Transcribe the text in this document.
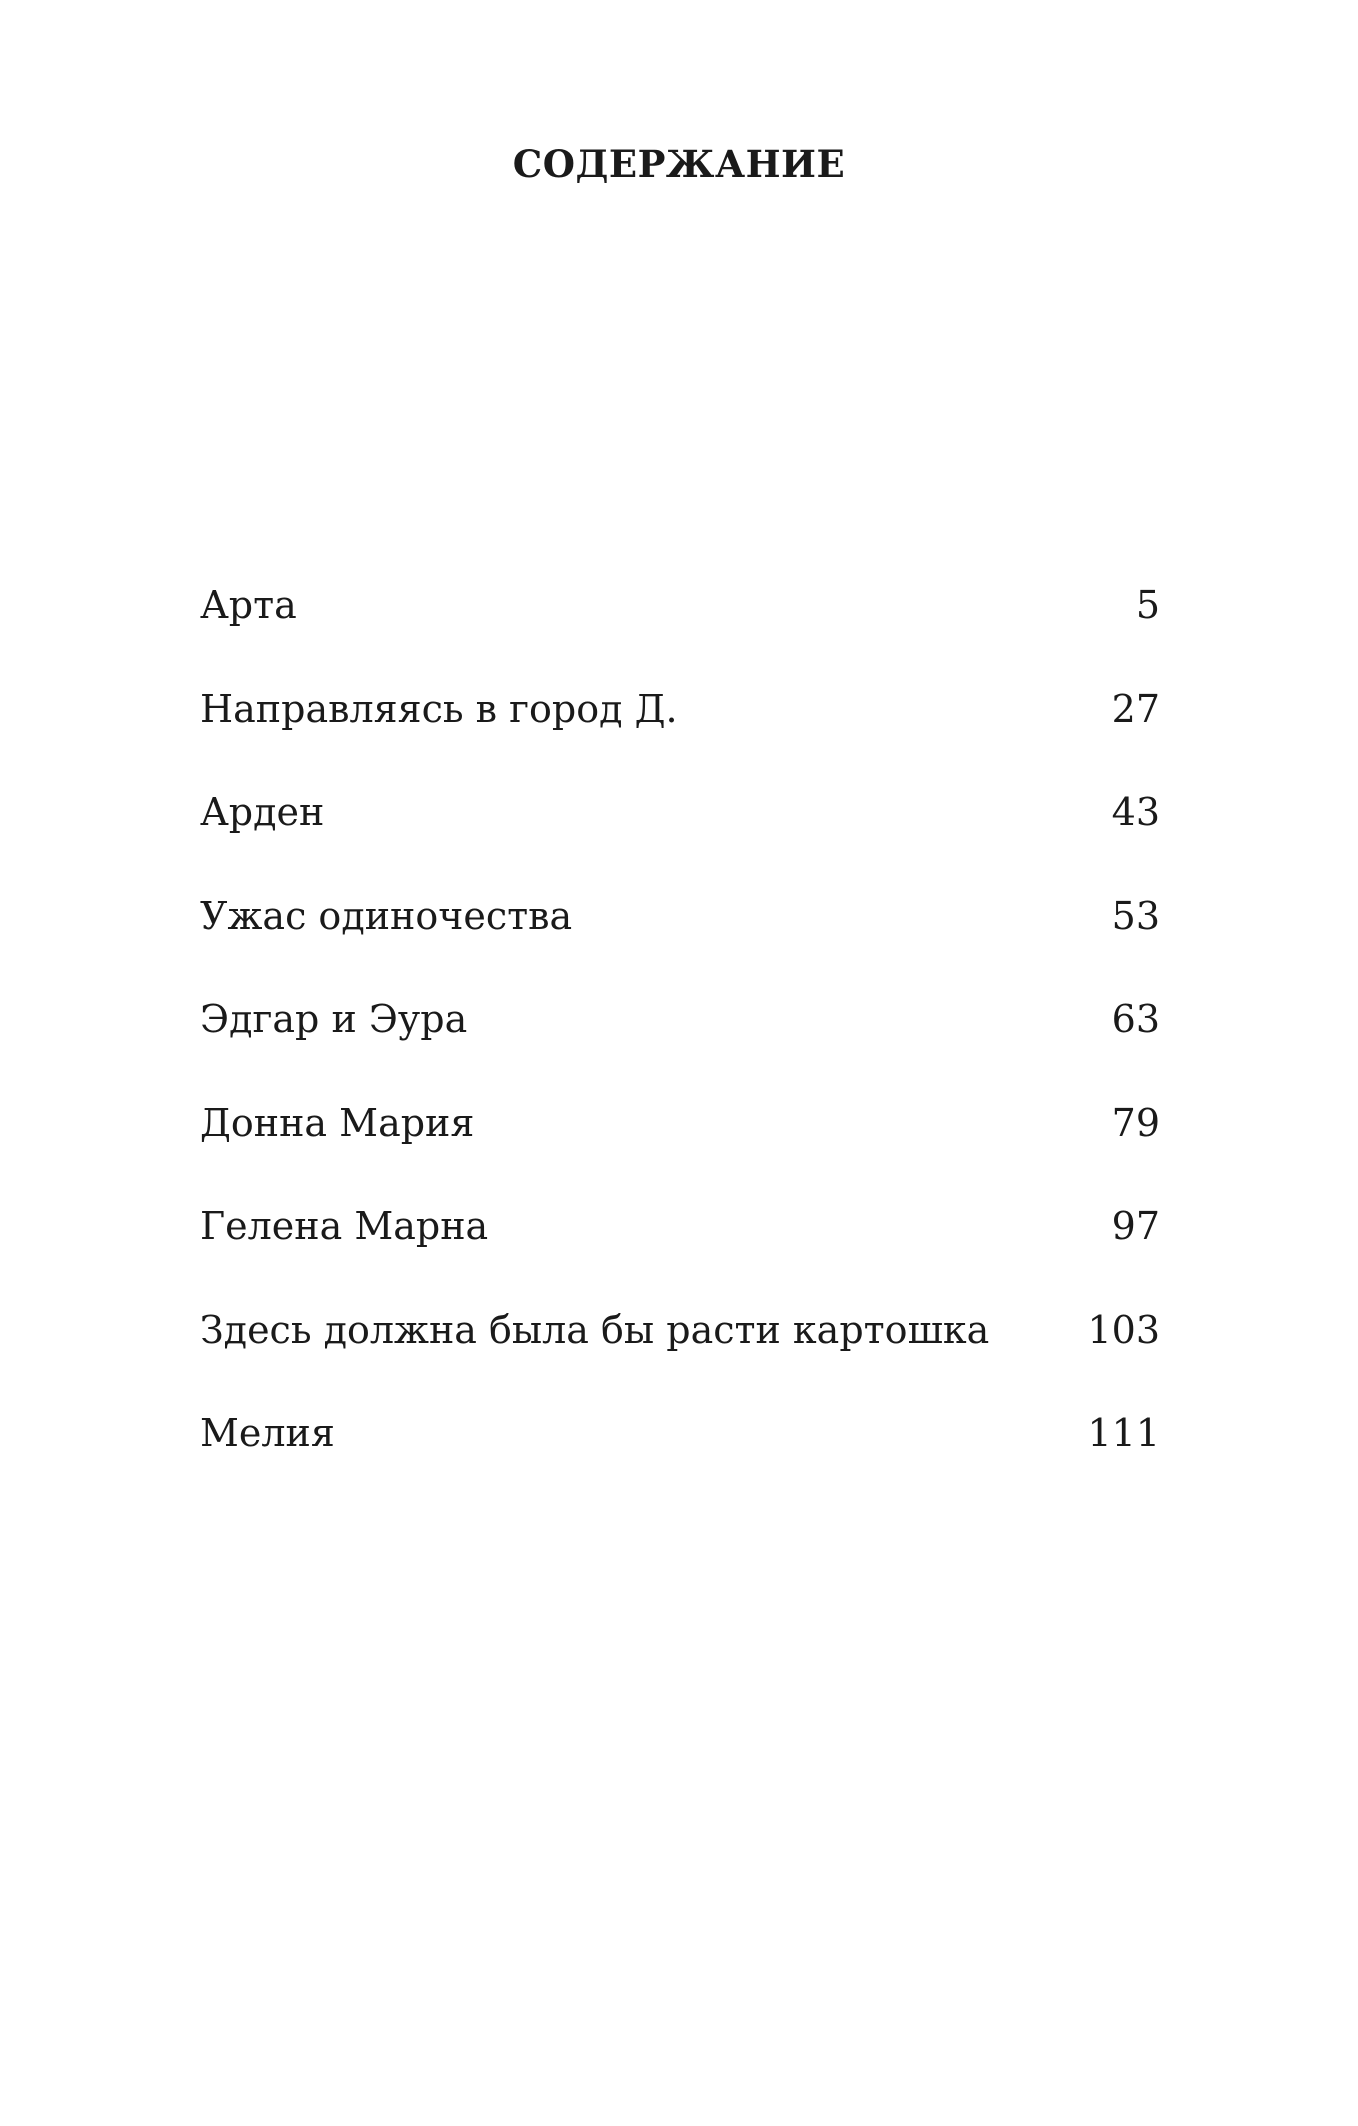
СОДЕРЖАНИЕ
Арта	5
Направляясь в город Д.	27
Арден	43
Ужас одиночества	53
Эдгар и Эура	63
Донна Мария	79
Гелена Марна	97
Здесь должна была бы расти картошка	103
Мелия	111
